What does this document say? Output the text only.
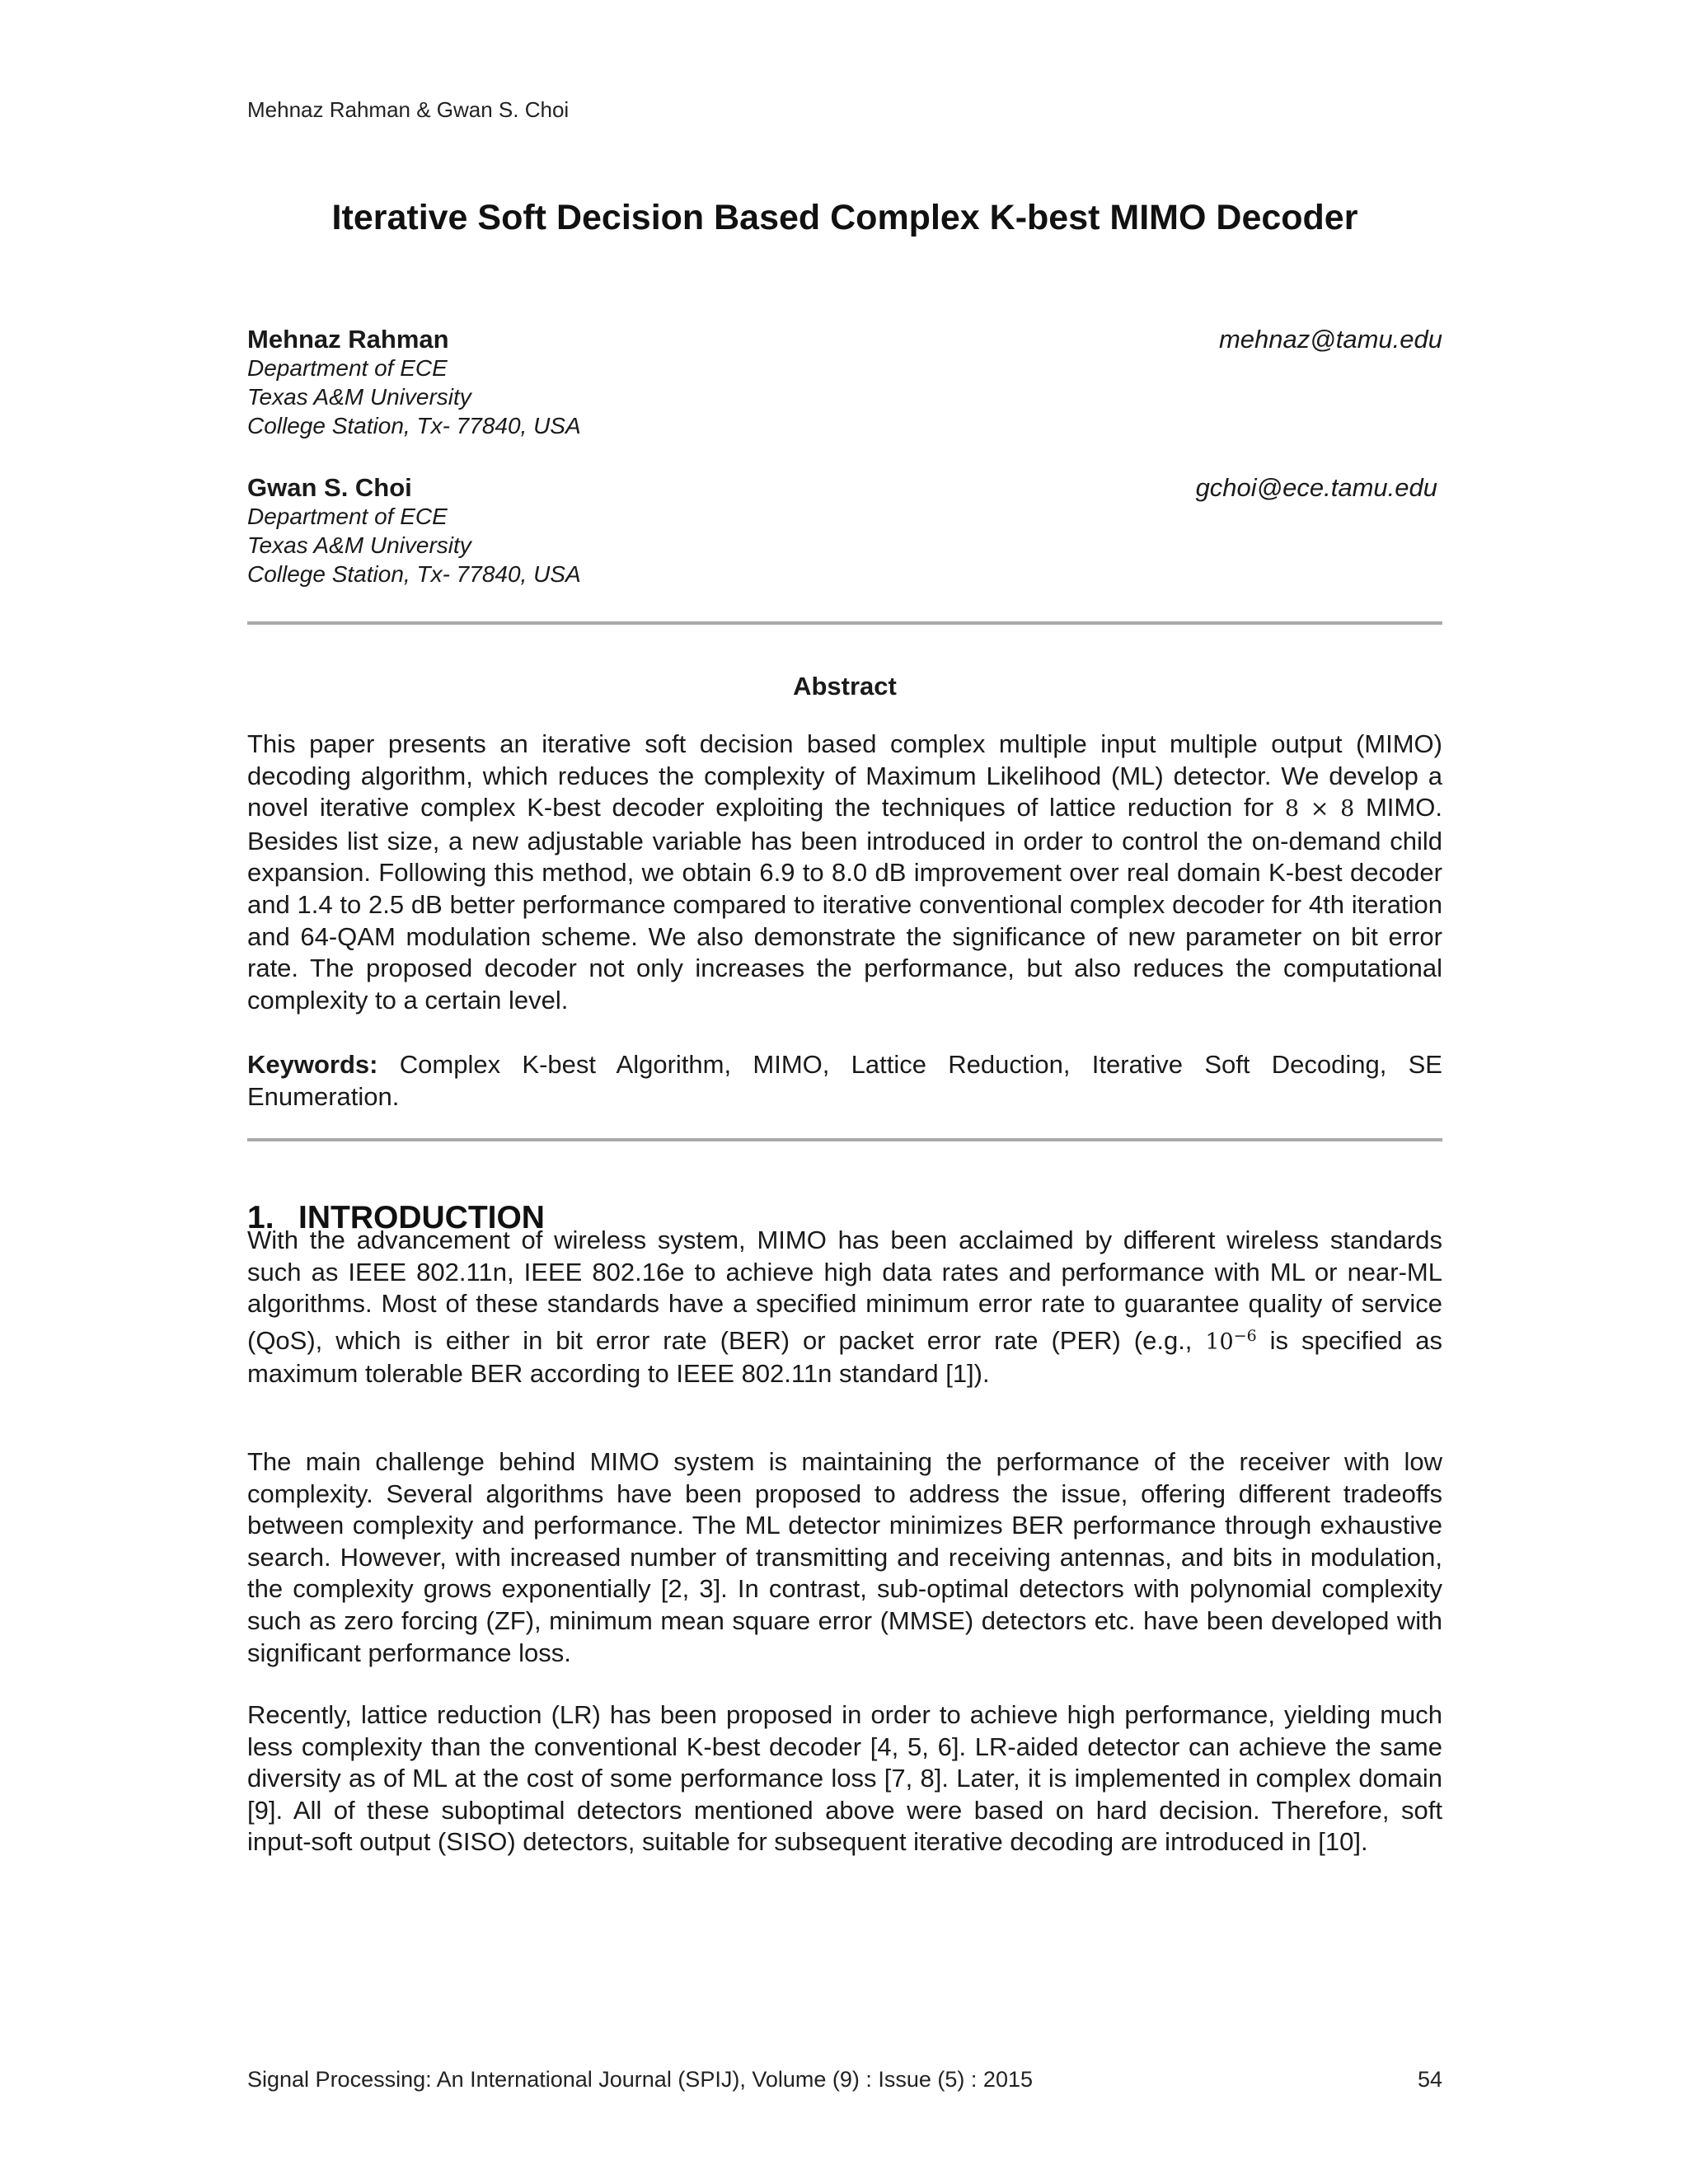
Mehnaz Rahman & Gwan S. Choi
Iterative Soft Decision Based Complex K-best MIMO Decoder
Mehnaz Rahman
Department of ECE
Texas A&M University
College Station, Tx- 77840, USA
mehnaz@tamu.edu
Gwan S. Choi
Department of ECE
Texas A&M University
College Station, Tx- 77840, USA
gchoi@ece.tamu.edu
Abstract
This paper presents an iterative soft decision based complex multiple input multiple output (MIMO) decoding algorithm, which reduces the complexity of Maximum Likelihood (ML) detector. We develop a novel iterative complex K-best decoder exploiting the techniques of lattice reduction for 8 × 8 MIMO. Besides list size, a new adjustable variable has been introduced in order to control the on-demand child expansion. Following this method, we obtain 6.9 to 8.0 dB improvement over real domain K-best decoder and 1.4 to 2.5 dB better performance compared to iterative conventional complex decoder for 4th iteration and 64-QAM modulation scheme. We also demonstrate the significance of new parameter on bit error rate. The proposed decoder not only increases the performance, but also reduces the computational complexity to a certain level.
Keywords: Complex K-best Algorithm, MIMO, Lattice Reduction, Iterative Soft Decoding, SE Enumeration.
1. INTRODUCTION
With the advancement of wireless system, MIMO has been acclaimed by different wireless standards such as IEEE 802.11n, IEEE 802.16e to achieve high data rates and performance with ML or near-ML algorithms. Most of these standards have a specified minimum error rate to guarantee quality of service (QoS), which is either in bit error rate (BER) or packet error rate (PER) (e.g., $10^{-6}$ is specified as maximum tolerable BER according to IEEE 802.11n standard [1]).
The main challenge behind MIMO system is maintaining the performance of the receiver with low complexity. Several algorithms have been proposed to address the issue, offering different tradeoffs between complexity and performance. The ML detector minimizes BER performance through exhaustive search. However, with increased number of transmitting and receiving antennas, and bits in modulation, the complexity grows exponentially [2, 3]. In contrast, sub-optimal detectors with polynomial complexity such as zero forcing (ZF), minimum mean square error (MMSE) detectors etc. have been developed with significant performance loss.
Recently, lattice reduction (LR) has been proposed in order to achieve high performance, yielding much less complexity than the conventional K-best decoder [4, 5, 6]. LR-aided detector can achieve the same diversity as of ML at the cost of some performance loss [7, 8]. Later, it is implemented in complex domain [9]. All of these suboptimal detectors mentioned above were based on hard decision. Therefore, soft input-soft output (SISO) detectors, suitable for subsequent iterative decoding are introduced in [10].
Signal Processing: An International Journal (SPIJ), Volume (9) : Issue (5) : 2015	54
